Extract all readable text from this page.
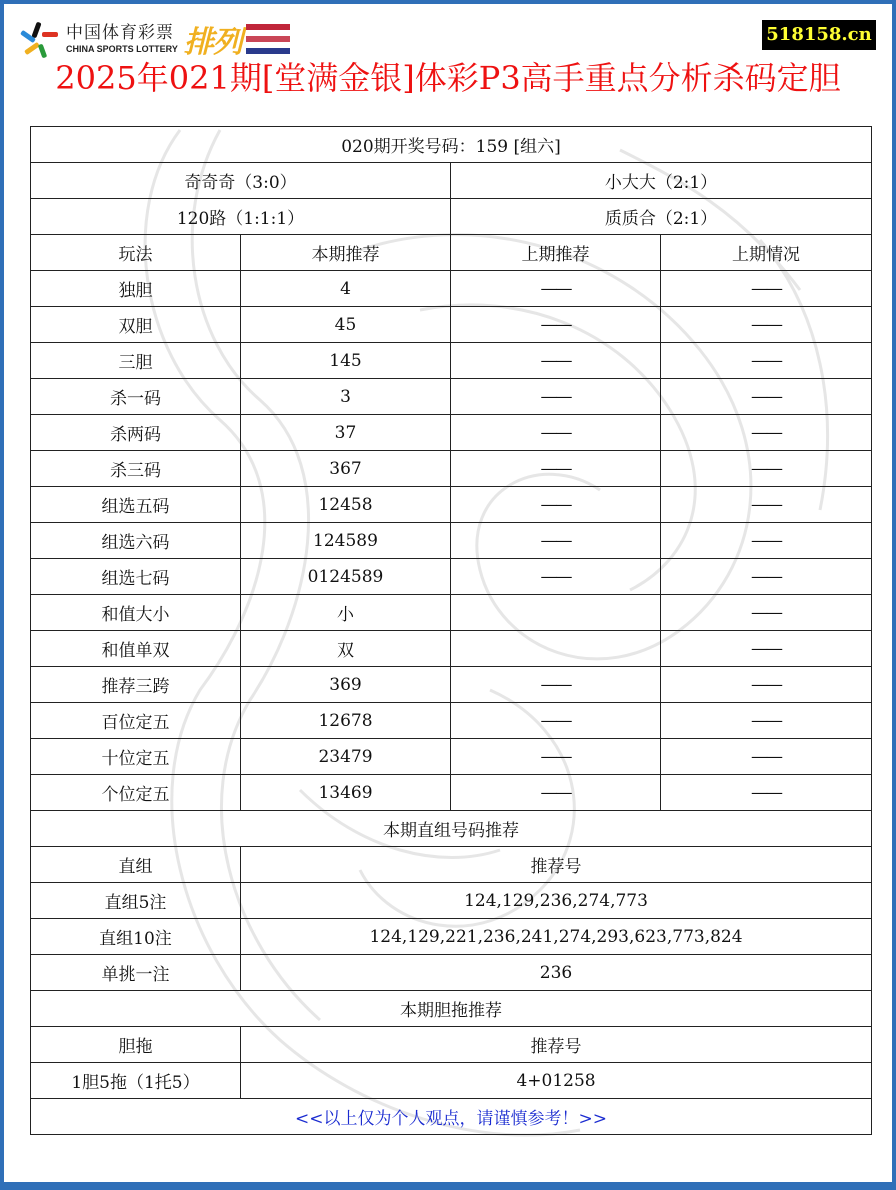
中国体育彩票
CHINA SPORTS LOTTERY 排列	518158.cn
2025年021期[堂满金银]体彩P3高手重点分析杀码定胆
020期开奖号码：159 [组六]			
奇奇奇（3:0）		小大大（2:1）	
120路（1:1:1）		质质合（2:1）	
玩法	本期推荐	上期推荐	上期情况
独胆	4	——	——
双胆	45	——	——
三胆	145	——	——
杀一码	3	——	——
杀两码	37	——	——
杀三码	367	——	——
组选五码	12458	——	——
组选六码	124589	——	——
组选七码	0124589	——	——
和值大小	小		——
和值单双	双		——
推荐三跨	369	——	——
百位定五	12678	——	——
十位定五	23479	——	——
个位定五	13469	——	——
本期直组号码推荐			
直组	推荐号		
直组5注	124,129,236,274,773		
直组10注	124,129,221,236,241,274,293,623,773,824		
单挑一注	236		
本期胆拖推荐			
胆拖	推荐号		
1胆5拖（1托5）	4+01258		
<<以上仅为个人观点，请谨慎参考！>>			
